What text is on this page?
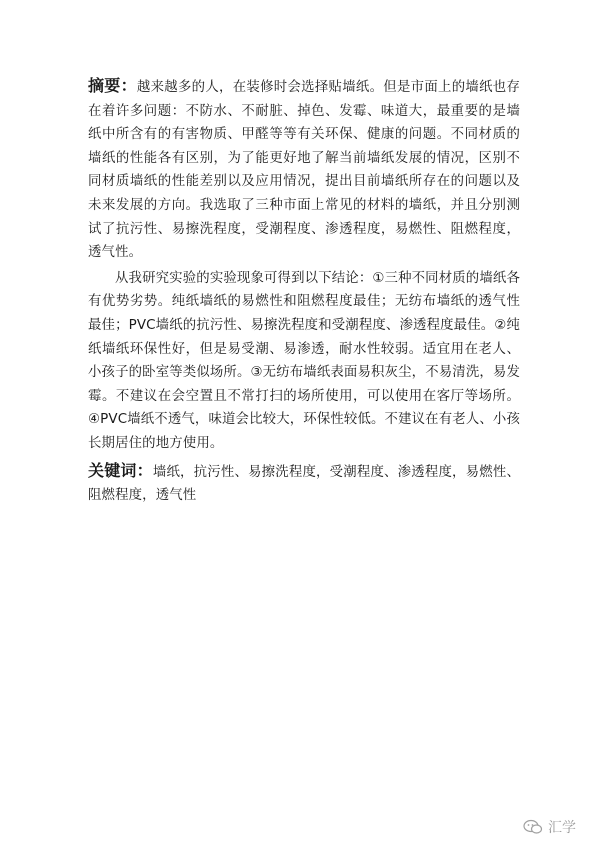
摘要：越来越多的人，在装修时会选择贴墙纸。但是市面上的墙纸也存在着许多问题：不防水、不耐脏、掉色、发霉、味道大，最重要的是墙纸中所含有的有害物质、甲醛等等有关环保、健康的问题。不同材质的墙纸的性能各有区别，为了能更好地了解当前墙纸发展的情况，区别不同材质墙纸的性能差别以及应用情况，提出目前墙纸所存在的问题以及未来发展的方向。我选取了三种市面上常见的材料的墙纸，并且分别测试了抗污性、易擦洗程度，受潮程度、渗透程度，易燃性、阻燃程度，透气性。

从我研究实验的实验现象可得到以下结论：①三种不同材质的墙纸各有优势劣势。纯纸墙纸的易燃性和阻燃程度最佳；无纺布墙纸的透气性最佳；PVC墙纸的抗污性、易擦洗程度和受潮程度、渗透程度最佳。②纯纸墙纸环保性好，但是易受潮、易渗透，耐水性较弱。适宜用在老人、小孩子的卧室等类似场所。③无纺布墙纸表面易积灰尘，不易清洗，易发霉。不建议在会空置且不常打扫的场所使用，可以使用在客厅等场所。 ④PVC墙纸不透气，味道会比较大，环保性较低。不建议在有老人、小孩长期居住的地方使用。

关键词：墙纸，抗污性、易擦洗程度，受潮程度、渗透程度，易燃性、阻燃程度，透气性

汇学
